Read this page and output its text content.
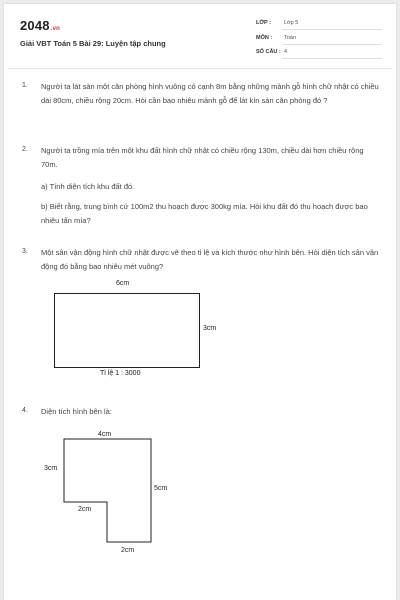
2048.vn
Giải VBT Toán 5 Bài 29: Luyện tập chung
LỚP :	Lớp 5
MÔN :	Toán
SỐ CÂU : 4
1. Người ta lát sàn một căn phòng hình vuông có cạnh 8m bằng những mảnh gỗ hình chữ nhật có chiều dài 80cm, chiều rộng 20cm. Hỏi cần bao nhiêu mảnh gỗ để lát kín sàn căn phòng đó ?
2. Người ta trồng mía trên một khu đất hình chữ nhật có chiều rộng 130m, chiều dài hơn chiều rộng 70m.
a) Tính diện tích khu đất đó.
b) Biết rằng, trung bình cứ 100m2 thu hoạch được 300kg mía. Hỏi khu đất đó thu hoạch được bao nhiêu tấn mía?
3. Một sân vận động hình chữ nhật được vẽ theo tỉ lệ và kích thước như hình bên. Hỏi diện tích sân vận động đó bằng bao nhiêu mét vuông?
6cm
3cm
Tỉ lệ 1 : 3000
4. Diện tích hình bên là:
4cm
3cm
5cm
2cm
2cm
